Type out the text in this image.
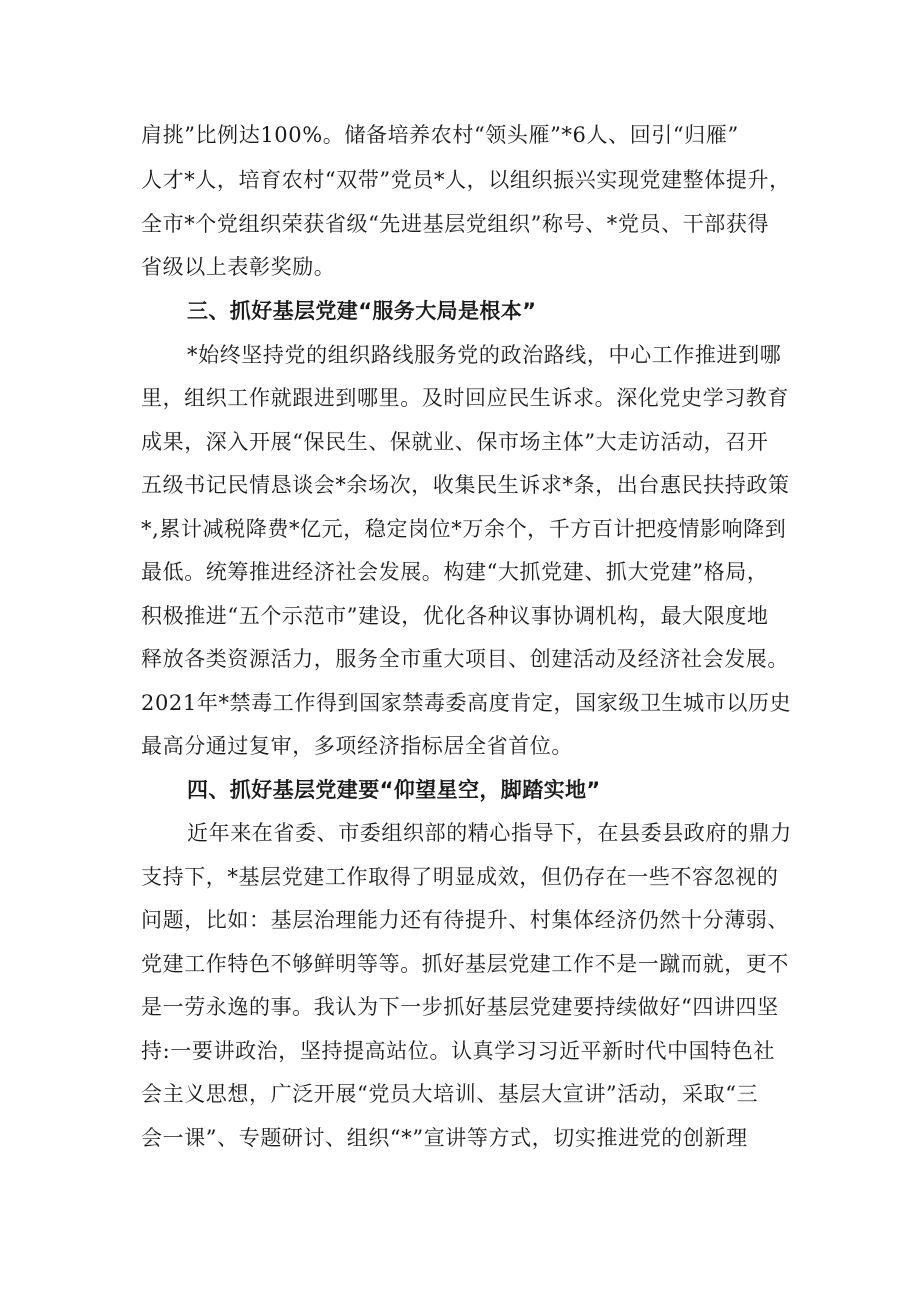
肩挑”比例达100%。储备培养农村“领头雁”*6人、回引“归雁”
人才*人，培育农村“双带”党员*人，以组织振兴实现党建整体提升，
全市*个党组织荣获省级“先进基层党组织”称号、*党员、干部获得
省级以上表彰奖励。
三、抓好基层党建“服务大局是根本”
*始终坚持党的组织路线服务党的政治路线，中心工作推进到哪
里，组织工作就跟进到哪里。及时回应民生诉求。深化党史学习教育
成果，深入开展“保民生、保就业、保市场主体”大走访活动，召开
五级书记民情恳谈会*余场次，收集民生诉求*条，出台惠民扶持政策
*,累计减税降费*亿元，稳定岗位*万余个，千方百计把疫情影响降到
最低。统筹推进经济社会发展。构建“大抓党建、抓大党建”格局，
积极推进“五个示范市”建设，优化各种议事协调机构，最大限度地
释放各类资源活力，服务全市重大项目、创建活动及经济社会发展。
2021年*禁毒工作得到国家禁毒委高度肯定，国家级卫生城市以历史
最高分通过复审，多项经济指标居全省首位。
四、抓好基层党建要“仰望星空，脚踏实地”
近年来在省委、市委组织部的精心指导下，在县委县政府的鼎力
支持下，*基层党建工作取得了明显成效，但仍存在一些不容忽视的
问题，比如：基层治理能力还有待提升、村集体经济仍然十分薄弱、
党建工作特色不够鲜明等等。抓好基层党建工作不是一蹴而就，更不
是一劳永逸的事。我认为下一步抓好基层党建要持续做好“四讲四坚
持:一要讲政治，坚持提高站位。认真学习习近平新时代中国特色社
会主义思想，广泛开展“党员大培训、基层大宣讲”活动，采取“三
会一课”、专题研讨、组织“*”宣讲等方式，切实推进党的创新理
